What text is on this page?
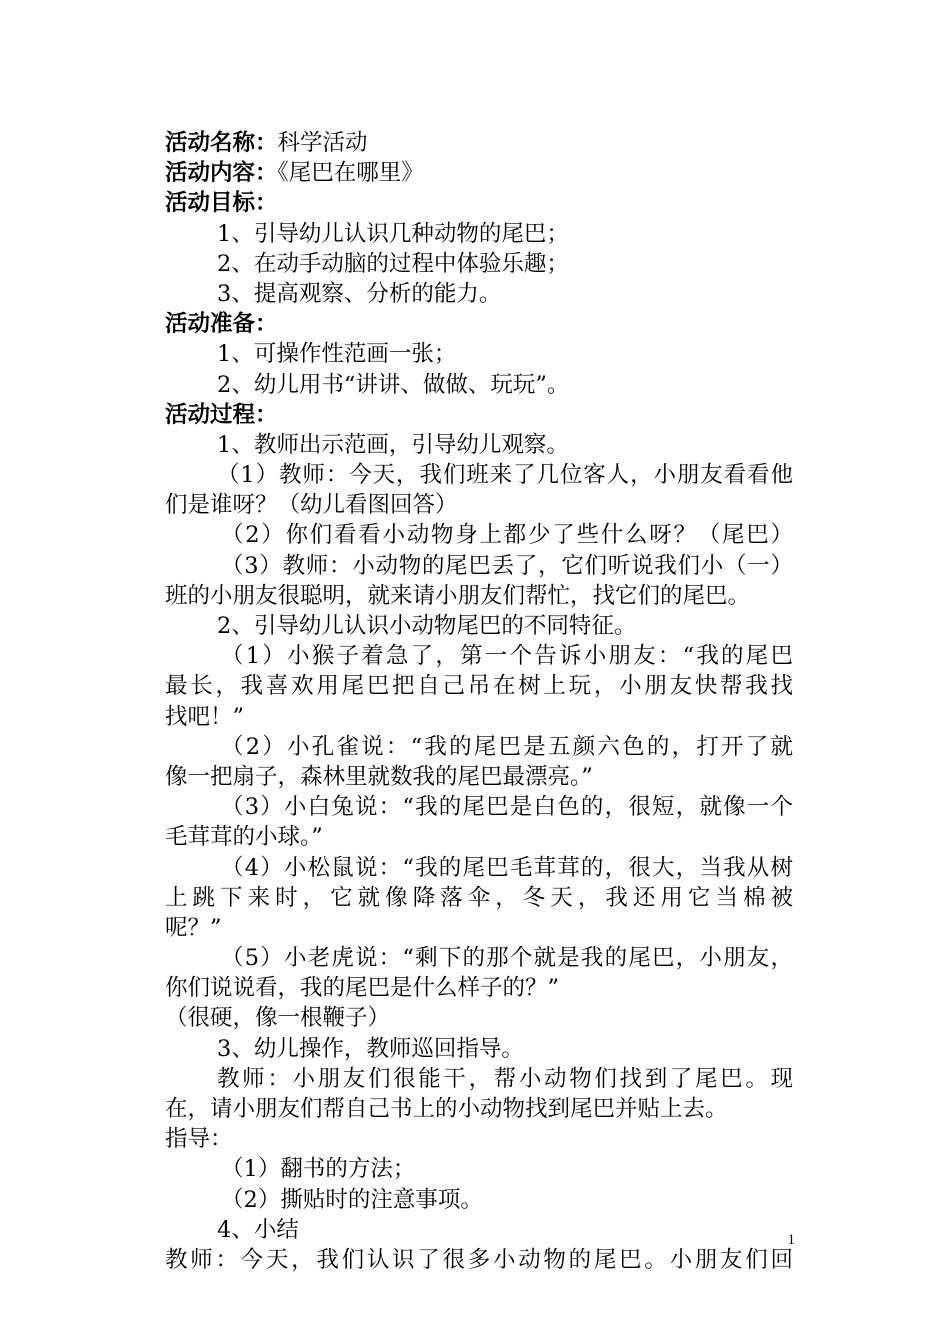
活动名称：科学活动
活动内容：《尾巴在哪里》
活动目标：
1、引导幼儿认识几种动物的尾巴；
2、在动手动脑的过程中体验乐趣；
3、提高观察、分析的能力。
活动准备：
1、可操作性范画一张；
2、幼儿用书“讲讲、做做、玩玩”。
活动过程：
1、教师出示范画，引导幼儿观察。
（1）教师：今天，我们班来了几位客人，小朋友看看他
们是谁呀？（幼儿看图回答）
（2）你们看看小动物身上都少了些什么呀？（尾巴）
（3）教师：小动物的尾巴丢了，它们听说我们小（一）
班的小朋友很聪明，就来请小朋友们帮忙，找它们的尾巴。
2、引导幼儿认识小动物尾巴的不同特征。
（1）小猴子着急了，第一个告诉小朋友：“我的尾巴
最长，我喜欢用尾巴把自己吊在树上玩，小朋友快帮我找
找吧！”
（2）小孔雀说：“我的尾巴是五颜六色的，打开了就
像一把扇子，森林里就数我的尾巴最漂亮。”
（3）小白兔说：“我的尾巴是白色的，很短，就像一个
毛茸茸的小球。”
（4）小松鼠说：“我的尾巴毛茸茸的，很大，当我从树
上跳下来时，它就像降落伞，冬天，我还用它当棉被
呢？”
（5）小老虎说：“剩下的那个就是我的尾巴，小朋友，
你们说说看，我的尾巴是什么样子的？”
（很硬，像一根鞭子）
3、幼儿操作，教师巡回指导。
教师：小朋友们很能干，帮小动物们找到了尾巴。现
在，请小朋友们帮自己书上的小动物找到尾巴并贴上去。
指导：
（1）翻书的方法；
（2）撕贴时的注意事项。
4、小结
教师：今天，我们认识了很多小动物的尾巴。小朋友们回
1
